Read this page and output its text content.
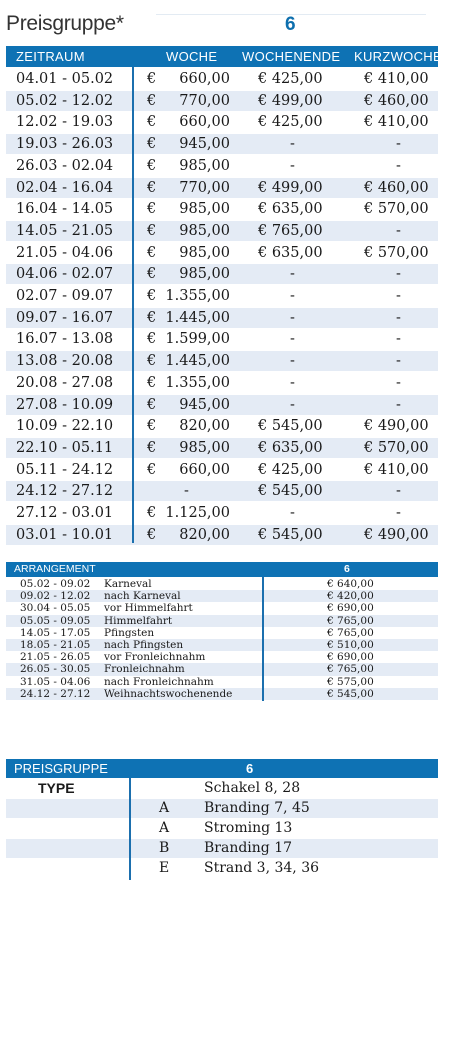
Preisgruppe*	6
ZEITRAUM	WOCHE WOCHENENDE KURZWOCHE
04.01 - 05.02 € 660,00 € 425,00	€ 410,00
05.02 - 12.02 € 770,00 € 499,00	€ 460,00
12.02 - 19.03 € 660,00 € 425,00	€ 410,00
19.03 - 26.03 € 945,00	-	-
26.03 - 02.04 € 985,00	-	-
02.04 - 16.04 € 770,00 € 499,00	€ 460,00
16.04 - 14.05 € 985,00 € 635,00	€ 570,00
14.05 - 21.05 € 985,00 € 765,00	-
21.05 - 04.06 € 985,00 € 635,00	€ 570,00
04.06 - 02.07 € 985,00	-	-
02.07 - 09.07 € 1.355,00	-	-
09.07 - 16.07 € 1.445,00	-	-
16.07 - 13.08 € 1.599,00	-	-
13.08 - 20.08 € 1.445,00	-	-
20.08 - 27.08 € 1.355,00	-	-
27.08 - 10.09 € 945,00	-	-
10.09 - 22.10 € 820,00 € 545,00	€ 490,00
22.10 - 05.11 € 985,00 € 635,00	€ 570,00
05.11 - 24.12 € 660,00 € 425,00	€ 410,00
24.12 - 27.12	-	€ 545,00	-
27.12 - 03.01 € 1.125,00	-	-
03.01 - 10.01 € 820,00 € 545,00	€ 490,00
ARRANGEMENT	6
05.02 - 09.02 Karneval	€ 640,00
09.02 - 12.02 nach Karneval	€ 420,00
30.04 - 05.05 vor Himmelfahrt	€ 690,00
05.05 - 09.05 Himmelfahrt	€ 765,00
14.05 - 17.05 Pfingsten	€ 765,00
18.05 - 21.05 nach Pfingsten	€ 510,00
21.05 - 26.05 vor Fronleichnahm	€ 690,00
26.05 - 30.05 Fronleichnahm	€ 765,00
31.05 - 04.06 nach Fronleichnahm	€ 575,00
24.12 - 27.12 Weihnachtswochenende	€ 545,00
PREISGRUPPE	6
TYPE	Schakel 8, 28
A Branding 7, 45
A Stroming 13
B Branding 17
E Strand 3, 34, 36
